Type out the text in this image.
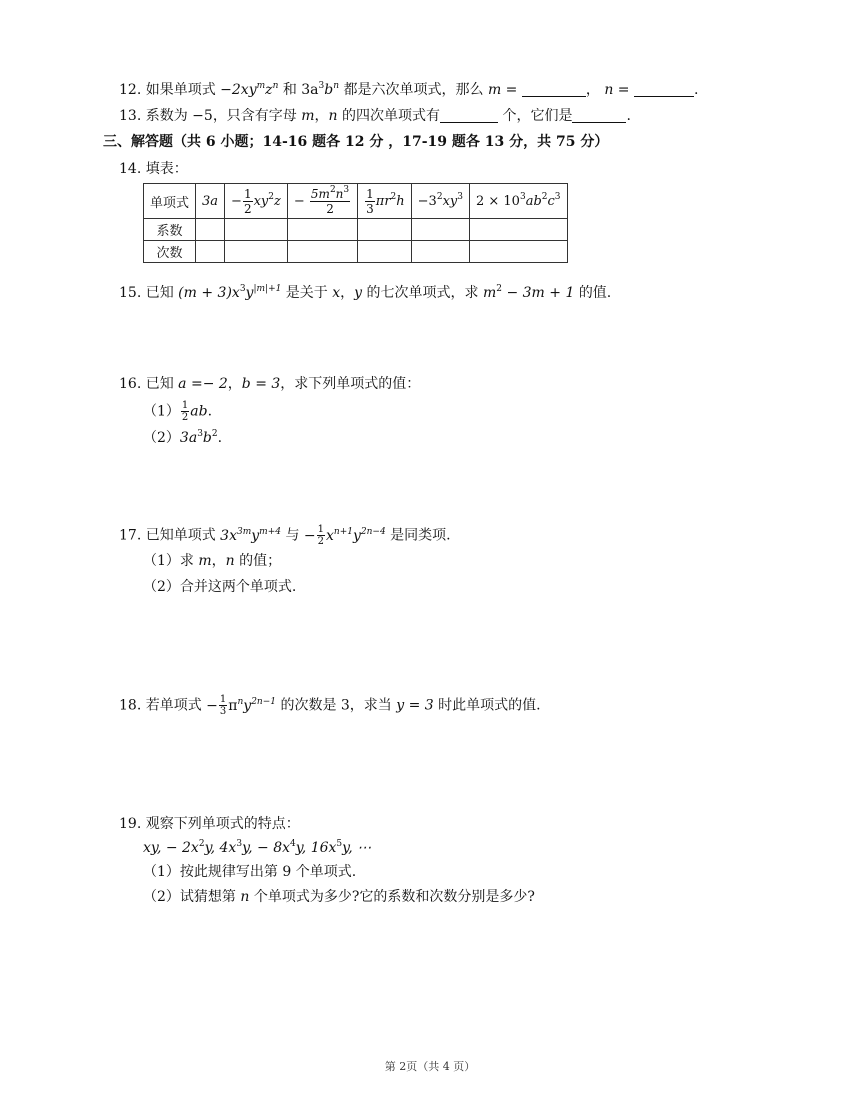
12. 如果单项式 $-2xy^mz^n$ 和 $3a^3b^n$ 都是六次单项式，那么 m =	， n =	.
13. 系数为 −5，只含有字母 m，n 的四次单项式有	个，它们是	.
三、解答题（共 6 小题；14-16 题各 12 分 ，17-19 题各 13 分，共 75 分）
14. 填表：
单项式	3a	− $\frac{1}{2} xy^2z$	− $\frac{5m^2n^3}{2}$	$\frac{1}{3} \pi r^2h$	$-3^2xy^3$	$2 \times 10^3ab^2c^3$
系数						
次数						
15. 已知 $(m + 3)x^3y^{|m|+1}$ 是关于 x，y 的七次单项式，求 $m^2 - 3m + 1$ 的值.
16. 已知 a =− 2，b = 3，求下列单项式的值：
$(1) \frac{1}{2}$ ab.
$(2)3a^3b^2$.
17. 已知单项式 $3x^{3m}y^{m+4}$ 与 − $\frac{1}{2} x^{n+1}y^{2n-4}$ 是同类项.
（1）求 m，n 的值；
（2）合并这两个单项式.
18. 若单项式 − $\frac{1}{3} \pi^ny^{2n-1}$ 的次数是 3，求当 y = 3 时此单项式的值.
19. 观察下列单项式的特点：
xy, − $2x^2y$, $4x^3y$, − $8x^4y$, $16x^5y$, ⋯
（1）按此规律写出第 9 个单项式.
（2）试猜想第 n 个单项式为多少?它的系数和次数分别是多少?
第 2页（共 4 页）
